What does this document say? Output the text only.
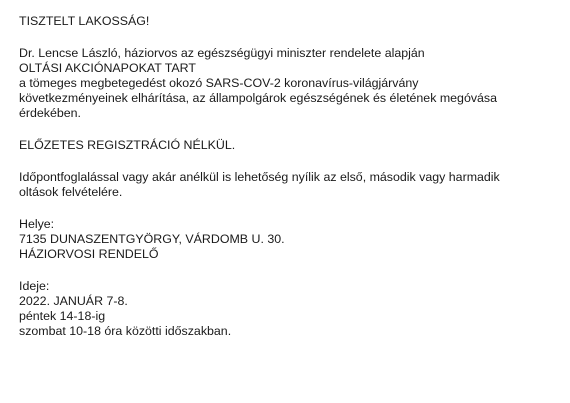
TISZTELT LAKOSSÁG!
Dr. Lencse László, háziorvos az egészségügyi miniszter rendelete alapján
OLTÁSI AKCIÓNAPOKAT TART
a tömeges megbetegedést okozó SARS-COV-2 koronavírus-világjárvány
következményeinek elhárítása, az állampolgárok egészségének és életének megóvása
érdekében.
ELŐZETES REGISZTRÁCIÓ NÉLKÜL.
Időpontfoglalással vagy akár anélkül is lehetőség nyílik az első, második vagy harmadik
oltások felvételére.
Helye:
7135 DUNASZENTGYÖRGY, VÁRDOMB U. 30.
HÁZIORVOSI RENDELŐ
Ideje:
2022. JANUÁR 7-8.
péntek 14-18-ig
szombat 10-18 óra közötti időszakban.
